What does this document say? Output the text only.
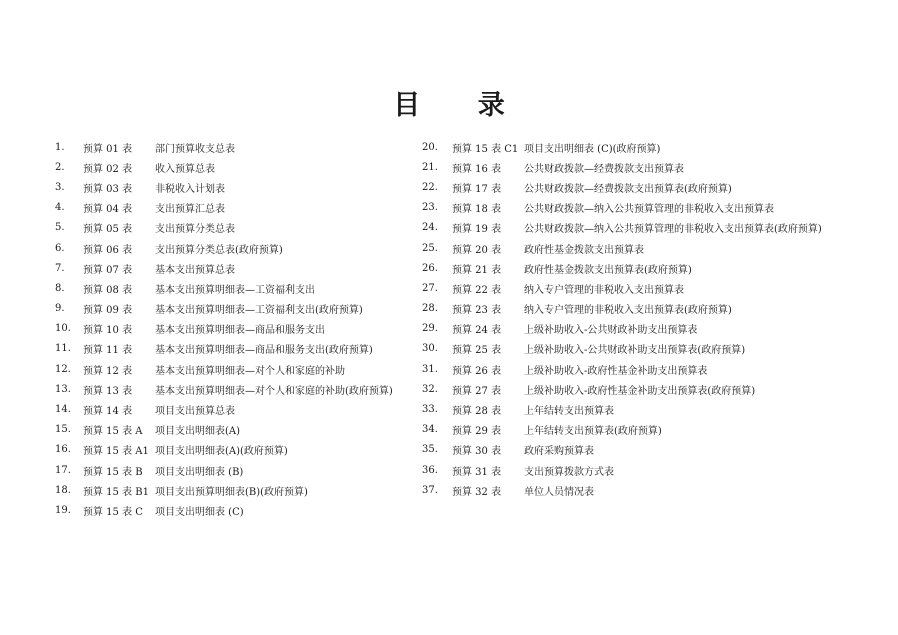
目 录
1.	预算 01 表	部门预算收支总表
2.	预算 02 表	收入预算总表
3.	预算 03 表	非税收入计划表
4.	预算 04 表	支出预算汇总表
5.	预算 05 表	支出预算分类总表
6.	预算 06 表	支出预算分类总表(政府预算)
7.	预算 07 表	基本支出预算总表
8.	预算 08 表	基本支出预算明细表—工资福利支出
9.	预算 09 表	基本支出预算明细表—工资福利支出(政府预算)
10.	预算 10 表	基本支出预算明细表—商品和服务支出
11.	预算 11 表	基本支出预算明细表—商品和服务支出(政府预算)
12.	预算 12 表	基本支出预算明细表—对个人和家庭的补助
13.	预算 13 表	基本支出预算明细表—对个人和家庭的补助(政府预算)
14.	预算 14 表	项目支出预算总表
15.	预算 15 表 A	项目支出明细表(A)
16.	预算 15 表 A1 项目支出明细表(A)(政府预算)
17.	预算 15 表 B	项目支出明细表 (B)
18.	预算 15 表 B1 项目支出预算明细表(B)(政府预算)
19.	预算 15 表 C	项目支出明细表 (C)
20.	预算 15 表 C1 项目支出明细表 (C)(政府预算)
21.	预算 16 表	公共财政拨款—经费拨款支出预算表
22.	预算 17 表	公共财政拨款—经费拨款支出预算表(政府预算)
23.	预算 18 表	公共财政拨款—纳入公共预算管理的非税收入支出预算表
24.	预算 19 表	公共财政拨款—纳入公共预算管理的非税收入支出预算表(政府预算)
25.	预算 20 表	政府性基金拨款支出预算表
26.	预算 21 表	政府性基金拨款支出预算表(政府预算)
27.	预算 22 表	纳入专户管理的非税收入支出预算表
28.	预算 23 表	纳入专户管理的非税收入支出预算表(政府预算)
29.	预算 24 表	上级补助收入-公共财政补助支出预算表
30.	预算 25 表	上级补助收入-公共财政补助支出预算表(政府预算)
31.	预算 26 表	上级补助收入-政府性基金补助支出预算表
32.	预算 27 表	上级补助收入-政府性基金补助支出预算表(政府预算)
33.	预算 28 表	上年结转支出预算表
34.	预算 29 表	上年结转支出预算表(政府预算)
35.	预算 30 表	政府采购预算表
36.	预算 31 表	支出预算拨款方式表
37.	预算 32 表	单位人员情况表
